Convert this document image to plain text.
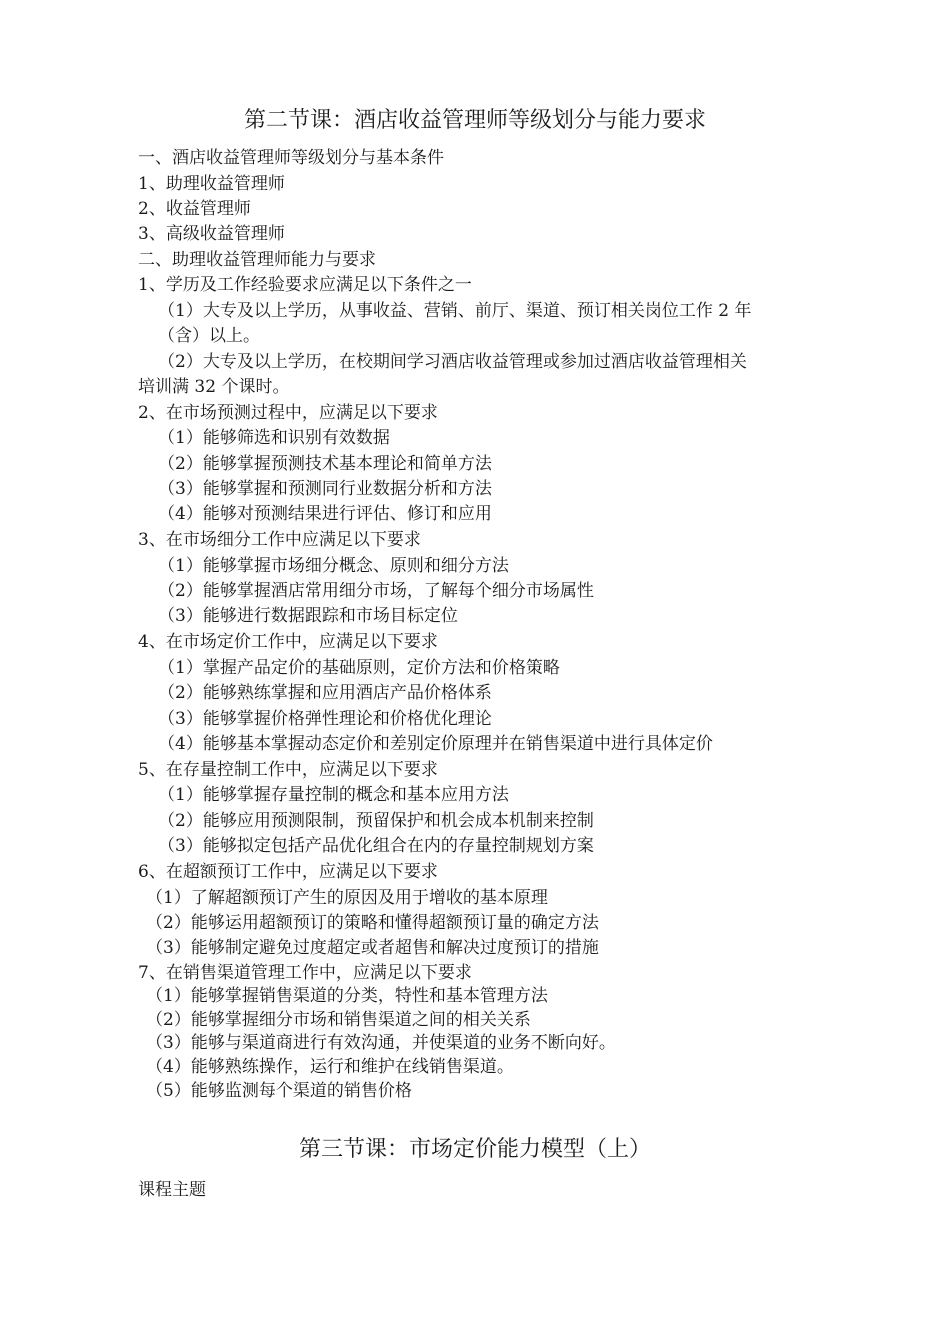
第二节课：酒店收益管理师等级划分与能力要求
一、酒店收益管理师等级划分与基本条件
1、助理收益管理师
2、收益管理师
3、高级收益管理师
二、助理收益管理师能力与要求
1、学历及工作经验要求应满足以下条件之一
（1）大专及以上学历，从事收益、营销、前厅、渠道、预订相关岗位工作 2 年
（含）以上。
（2）大专及以上学历，在校期间学习酒店收益管理或参加过酒店收益管理相关
培训满 32 个课时。
2、在市场预测过程中，应满足以下要求
（1）能够筛选和识别有效数据
（2）能够掌握预测技术基本理论和简单方法
（3）能够掌握和预测同行业数据分析和方法
（4）能够对预测结果进行评估、修订和应用
3、在市场细分工作中应满足以下要求
（1）能够掌握市场细分概念、原则和细分方法
（2）能够掌握酒店常用细分市场，了解每个细分市场属性
（3）能够进行数据跟踪和市场目标定位
4、在市场定价工作中，应满足以下要求
（1）掌握产品定价的基础原则，定价方法和价格策略
（2）能够熟练掌握和应用酒店产品价格体系
（3）能够掌握价格弹性理论和价格优化理论
（4）能够基本掌握动态定价和差别定价原理并在销售渠道中进行具体定价
5、在存量控制工作中，应满足以下要求
（1）能够掌握存量控制的概念和基本应用方法
（2）能够应用预测限制，预留保护和机会成本机制来控制
（3）能够拟定包括产品优化组合在内的存量控制规划方案
6、在超额预订工作中，应满足以下要求
（1）了解超额预订产生的原因及用于增收的基本原理
（2）能够运用超额预订的策略和懂得超额预订量的确定方法
（3）能够制定避免过度超定或者超售和解决过度预订的措施
7、在销售渠道管理工作中，应满足以下要求
（1）能够掌握销售渠道的分类，特性和基本管理方法
（2）能够掌握细分市场和销售渠道之间的相关关系
（3）能够与渠道商进行有效沟通，并使渠道的业务不断向好。
（4）能够熟练操作，运行和维护在线销售渠道。
（5）能够监测每个渠道的销售价格
第三节课：市场定价能力模型（上）
课程主题
